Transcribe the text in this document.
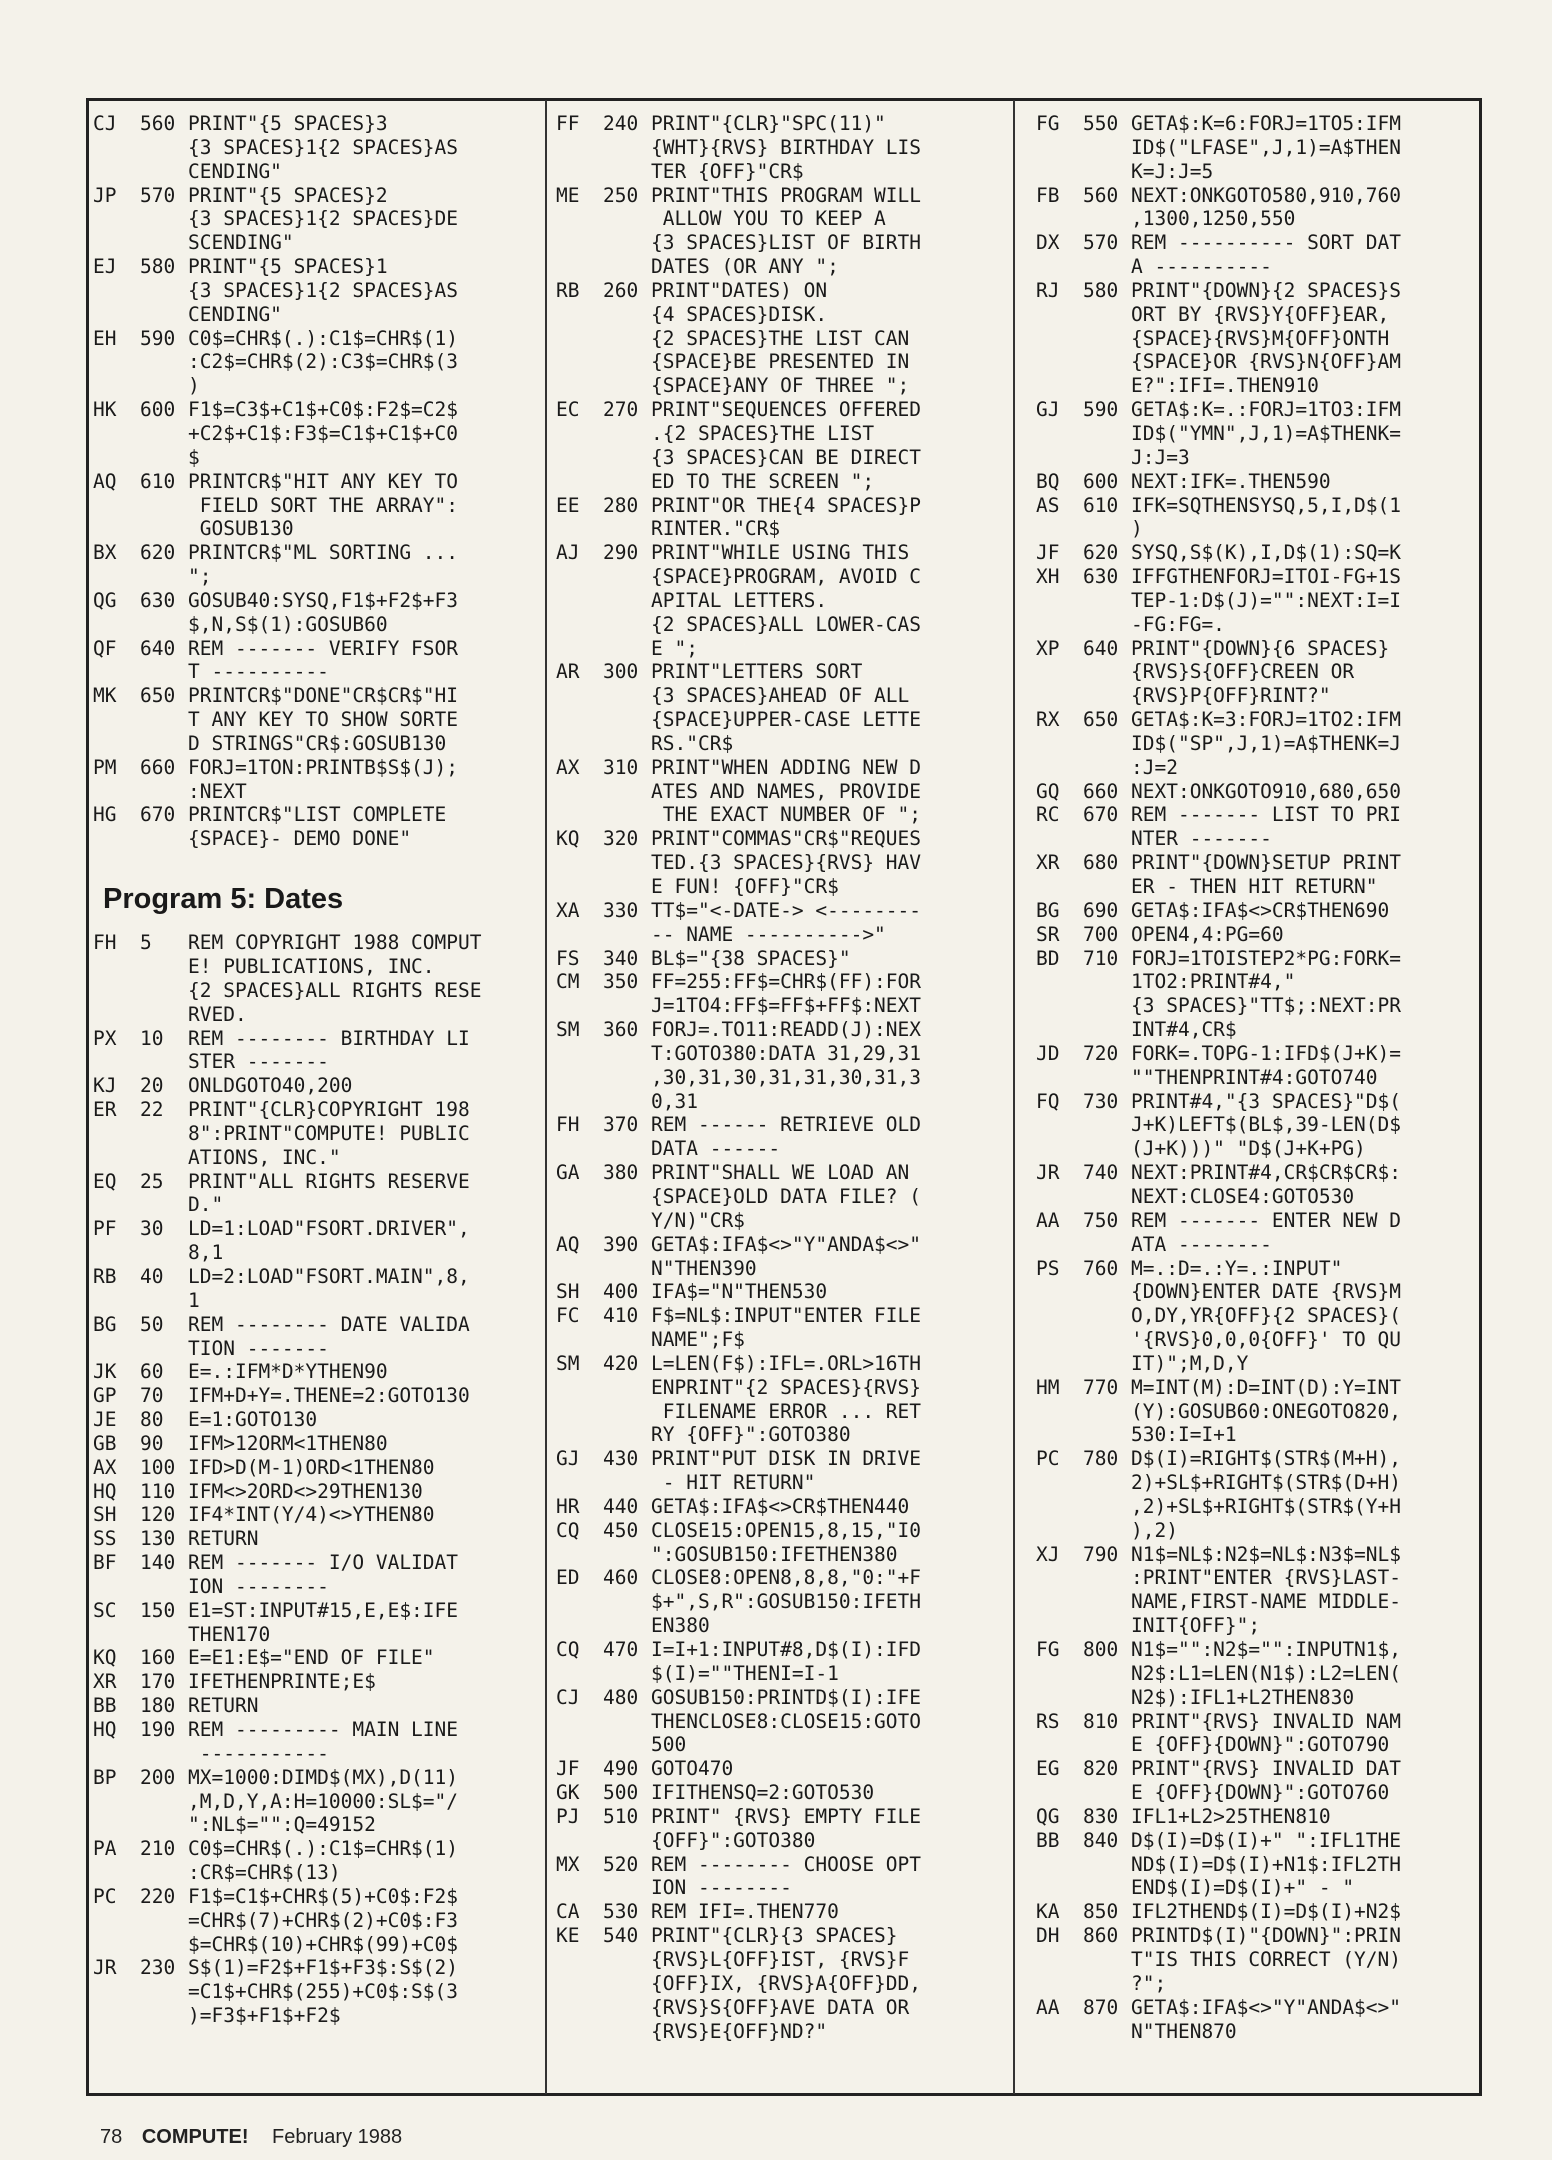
CJ	560 PRINT"{5 SPACES}3
{3 SPACES}1{2 SPACES}AS
CENDING"
JP	570 PRINT"{5 SPACES}2
{3 SPACES}1{2 SPACES}DE
SCENDING"
EJ	580 PRINT"{5 SPACES}1
{3 SPACES}1{2 SPACES}AS
CENDING"
EH	590 C0$=CHR$(.):C1$=CHR$(1)
:C2$=CHR$(2):C3$=CHR$(3
)
HK	600 F1$=C3$+C1$+C0$:F2$=C2$
+C2$+C1$:F3$=C1$+C1$+C0
$
AQ	610 PRINTCR$"HIT ANY KEY TO
FIELD SORT THE ARRAY":
GOSUB130
BX	620 PRINTCR$"ML SORTING ...
";
QG	630 GOSUB40:SYSQ,F1$+F2$+F3
$,N,S$(1):GOSUB60
QF	640 REM ------- VERIFY FSOR
T ----------
MK	650 PRINTCR$"DONE"CR$CR$"HI
T ANY KEY TO SHOW SORTE
D STRINGS"CR$:GOSUB130
PM	660 FORJ=1TON:PRINTB$S$(J);
:NEXT
HG	670 PRINTCR$"LIST COMPLETE
{SPACE}- DEMO DONE"
Program 5: Dates
FH	5	REM COPYRIGHT 1988 COMPUT
E! PUBLICATIONS, INC.
{2 SPACES}ALL RIGHTS RESE
RVED.
PX	10	REM -------- BIRTHDAY LI
STER -------
KJ	20	ONLDGOTO40,200
ER	22	PRINT"{CLR}COPYRIGHT 198
8":PRINT"COMPUTE! PUBLIC
ATIONS, INC."
EQ	25	PRINT"ALL RIGHTS RESERVE
D."
PF	30	LD=1:LOAD"FSORT.DRIVER",
8,1
RB	40	LD=2:LOAD"FSORT.MAIN",8,
1
BG	50	REM -------- DATE VALIDA
TION -------
JK	60	E=.:IFM*D*YTHEN90
GP	70	IFM+D+Y=.THENE=2:GOTO130
JE	80	E=1:GOTO130
GB	90	IFM>12ORM<1THEN80
AX	100 IFD>D(M-1)ORD<1THEN80
HQ	110 IFM<>2ORD<>29THEN130
SH	120 IF4*INT(Y/4)<>YTHEN80
SS	130 RETURN
BF	140 REM ------- I/O VALIDAT
ION --------
SC	150 E1=ST:INPUT#15,E,E$:IFE
THEN170
KQ	160 E=E1:E$="END OF FILE"
XR	170 IFETHENPRINTE;E$
BB	180 RETURN
HQ	190 REM --------- MAIN LINE
-----------
BP	200 MX=1000:DIMD$(MX),D(11)
,M,D,Y,A:H=10000:SL$="/
":NL$="":Q=49152
PA	210 C0$=CHR$(.):C1$=CHR$(1)
:CR$=CHR$(13)
PC	220 F1$=C1$+CHR$(5)+C0$:F2$
=CHR$(7)+CHR$(2)+C0$:F3
$=CHR$(10)+CHR$(99)+C0$
JR	230 S$(1)=F2$+F1$+F3$:S$(2)
=C1$+CHR$(255)+C0$:S$(3
)=F3$+F1$+F2$
FF	240 PRINT"{CLR}"SPC(11)"
{WHT}{RVS} BIRTHDAY LIS
TER {OFF}"CR$
ME	250 PRINT"THIS PROGRAM WILL
ALLOW YOU TO KEEP A
{3 SPACES}LIST OF BIRTH
DATES (OR ANY ";
RB	260 PRINT"DATES) ON
{4 SPACES}DISK.
{2 SPACES}THE LIST CAN
{SPACE}BE PRESENTED IN
{SPACE}ANY OF THREE ";
EC	270 PRINT"SEQUENCES OFFERED
.{2 SPACES}THE LIST
{3 SPACES}CAN BE DIRECT
ED TO THE SCREEN ";
EE	280 PRINT"OR THE{4 SPACES}P
RINTER."CR$
AJ	290 PRINT"WHILE USING THIS
{SPACE}PROGRAM, AVOID C
APITAL LETTERS.
{2 SPACES}ALL LOWER-CAS
E ";
AR	300 PRINT"LETTERS SORT
{3 SPACES}AHEAD OF ALL
{SPACE}UPPER-CASE LETTE
RS."CR$
AX	310 PRINT"WHEN ADDING NEW D
ATES AND NAMES, PROVIDE
THE EXACT NUMBER OF ";
KQ	320 PRINT"COMMAS"CR$"REQUES
TED.{3 SPACES}{RVS} HAV
E FUN! {OFF}"CR$
XA	330 TT$="<-DATE-> <--------
-- NAME ---------->"
FS	340 BL$="{38 SPACES}"
CM	350 FF=255:FF$=CHR$(FF):FOR
J=1TO4:FF$=FF$+FF$:NEXT
SM	360 FORJ=.TO11:READD(J):NEX
T:GOTO380:DATA 31,29,31
,30,31,30,31,31,30,31,3
0,31
FH	370 REM ------ RETRIEVE OLD
DATA ------
GA	380 PRINT"SHALL WE LOAD AN
{SPACE}OLD DATA FILE? (
Y/N)"CR$
AQ	390 GETA$:IFA$<>"Y"ANDA$<>"
N"THEN390
SH	400 IFA$="N"THEN530
FC	410 F$=NL$:INPUT"ENTER FILE
NAME";F$
SM	420 L=LEN(F$):IFL=.ORL>16TH
ENPRINT"{2 SPACES}{RVS}
FILENAME ERROR ... RET
RY {OFF}":GOTO380
GJ	430 PRINT"PUT DISK IN DRIVE
- HIT RETURN"
HR	440 GETA$:IFA$<>CR$THEN440
CQ	450 CLOSE15:OPEN15,8,15,"I0
":GOSUB150:IFETHEN380
ED	460 CLOSE8:OPEN8,8,8,"0:"+F
$+",S,R":GOSUB150:IFETH
EN380
CQ	470 I=I+1:INPUT#8,D$(I):IFD
$(I)=""THENI=I-1
CJ	480 GOSUB150:PRINTD$(I):IFE
THENCLOSE8:CLOSE15:GOTO
500
JF	490 GOTO470
GK	500 IFITHENSQ=2:GOTO530
PJ	510 PRINT" {RVS} EMPTY FILE
{OFF}":GOTO380
MX	520 REM -------- CHOOSE OPT
ION --------
CA	530 REM IFI=.THEN770
KE	540 PRINT"{CLR}{3 SPACES}
{RVS}L{OFF}IST, {RVS}F
{OFF}IX, {RVS}A{OFF}DD,
{RVS}S{OFF}AVE DATA OR
{RVS}E{OFF}ND?"
FG	550 GETA$:K=6:FORJ=1TO5:IFM
ID$("LFASE",J,1)=A$THEN
K=J:J=5
FB	560 NEXT:ONKGOTO580,910,760
,1300,1250,550
DX	570 REM ---------- SORT DAT
A ----------
RJ	580 PRINT"{DOWN}{2 SPACES}S
ORT BY {RVS}Y{OFF}EAR,
{SPACE}{RVS}M{OFF}ONTH
{SPACE}OR {RVS}N{OFF}AM
E?":IFI=.THEN910
GJ	590 GETA$:K=.:FORJ=1TO3:IFM
ID$("YMN",J,1)=A$THENK=
J:J=3
BQ	600 NEXT:IFK=.THEN590
AS	610 IFK=SQTHENSYSQ,5,I,D$(1
)
JF	620 SYSQ,S$(K),I,D$(1):SQ=K
XH	630 IFFGTHENFORJ=ITOI-FG+1S
TEP-1:D$(J)="":NEXT:I=I
-FG:FG=.
XP	640 PRINT"{DOWN}{6 SPACES}
{RVS}S{OFF}CREEN OR
{RVS}P{OFF}RINT?"
RX	650 GETA$:K=3:FORJ=1TO2:IFM
ID$("SP",J,1)=A$THENK=J
:J=2
GQ	660 NEXT:ONKGOTO910,680,650
RC	670 REM ------- LIST TO PRI
NTER -------
XR	680 PRINT"{DOWN}SETUP PRINT
ER - THEN HIT RETURN"
BG	690 GETA$:IFA$<>CR$THEN690
SR	700 OPEN4,4:PG=60
BD	710 FORJ=1TOISTEP2*PG:FORK=
1TO2:PRINT#4,"
{3 SPACES}"TT$;:NEXT:PR
INT#4,CR$
JD	720 FORK=.TOPG-1:IFD$(J+K)=
""THENPRINT#4:GOTO740
FQ	730 PRINT#4,"{3 SPACES}"D$(
J+K)LEFT$(BL$,39-LEN(D$
(J+K)))" "D$(J+K+PG)
JR	740 NEXT:PRINT#4,CR$CR$CR$:
NEXT:CLOSE4:GOTO530
AA	750 REM ------- ENTER NEW D
ATA --------
PS	760 M=.:D=.:Y=.:INPUT"
{DOWN}ENTER DATE {RVS}M
O,DY,YR{OFF}{2 SPACES}(
'{RVS}0,0,0{OFF}' TO QU
IT)";M,D,Y
HM	770 M=INT(M):D=INT(D):Y=INT
(Y):GOSUB60:ONEGOTO820,
530:I=I+1
PC	780 D$(I)=RIGHT$(STR$(M+H),
2)+SL$+RIGHT$(STR$(D+H)
,2)+SL$+RIGHT$(STR$(Y+H
),2)
XJ	790 N1$=NL$:N2$=NL$:N3$=NL$
:PRINT"ENTER {RVS}LAST-
NAME,FIRST-NAME MIDDLE-
INIT{OFF}";
FG	800 N1$="":N2$="":INPUTN1$,
N2$:L1=LEN(N1$):L2=LEN(
N2$):IFL1+L2THEN830
RS	810 PRINT"{RVS} INVALID NAM
E {OFF}{DOWN}":GOTO790
EG	820 PRINT"{RVS} INVALID DAT
E {OFF}{DOWN}":GOTO760
QG	830 IFL1+L2>25THEN810
BB	840 D$(I)=D$(I)+" ":IFL1THE
ND$(I)=D$(I)+N1$:IFL2TH
END$(I)=D$(I)+" - "
KA	850 IFL2THEND$(I)=D$(I)+N2$
DH	860 PRINTD$(I)"{DOWN}":PRIN
T"IS THIS CORRECT (Y/N)
?";
AA	870 GETA$:IFA$<>"Y"ANDA$<>"
N"THEN870
78 COMPUTE! February 1988
